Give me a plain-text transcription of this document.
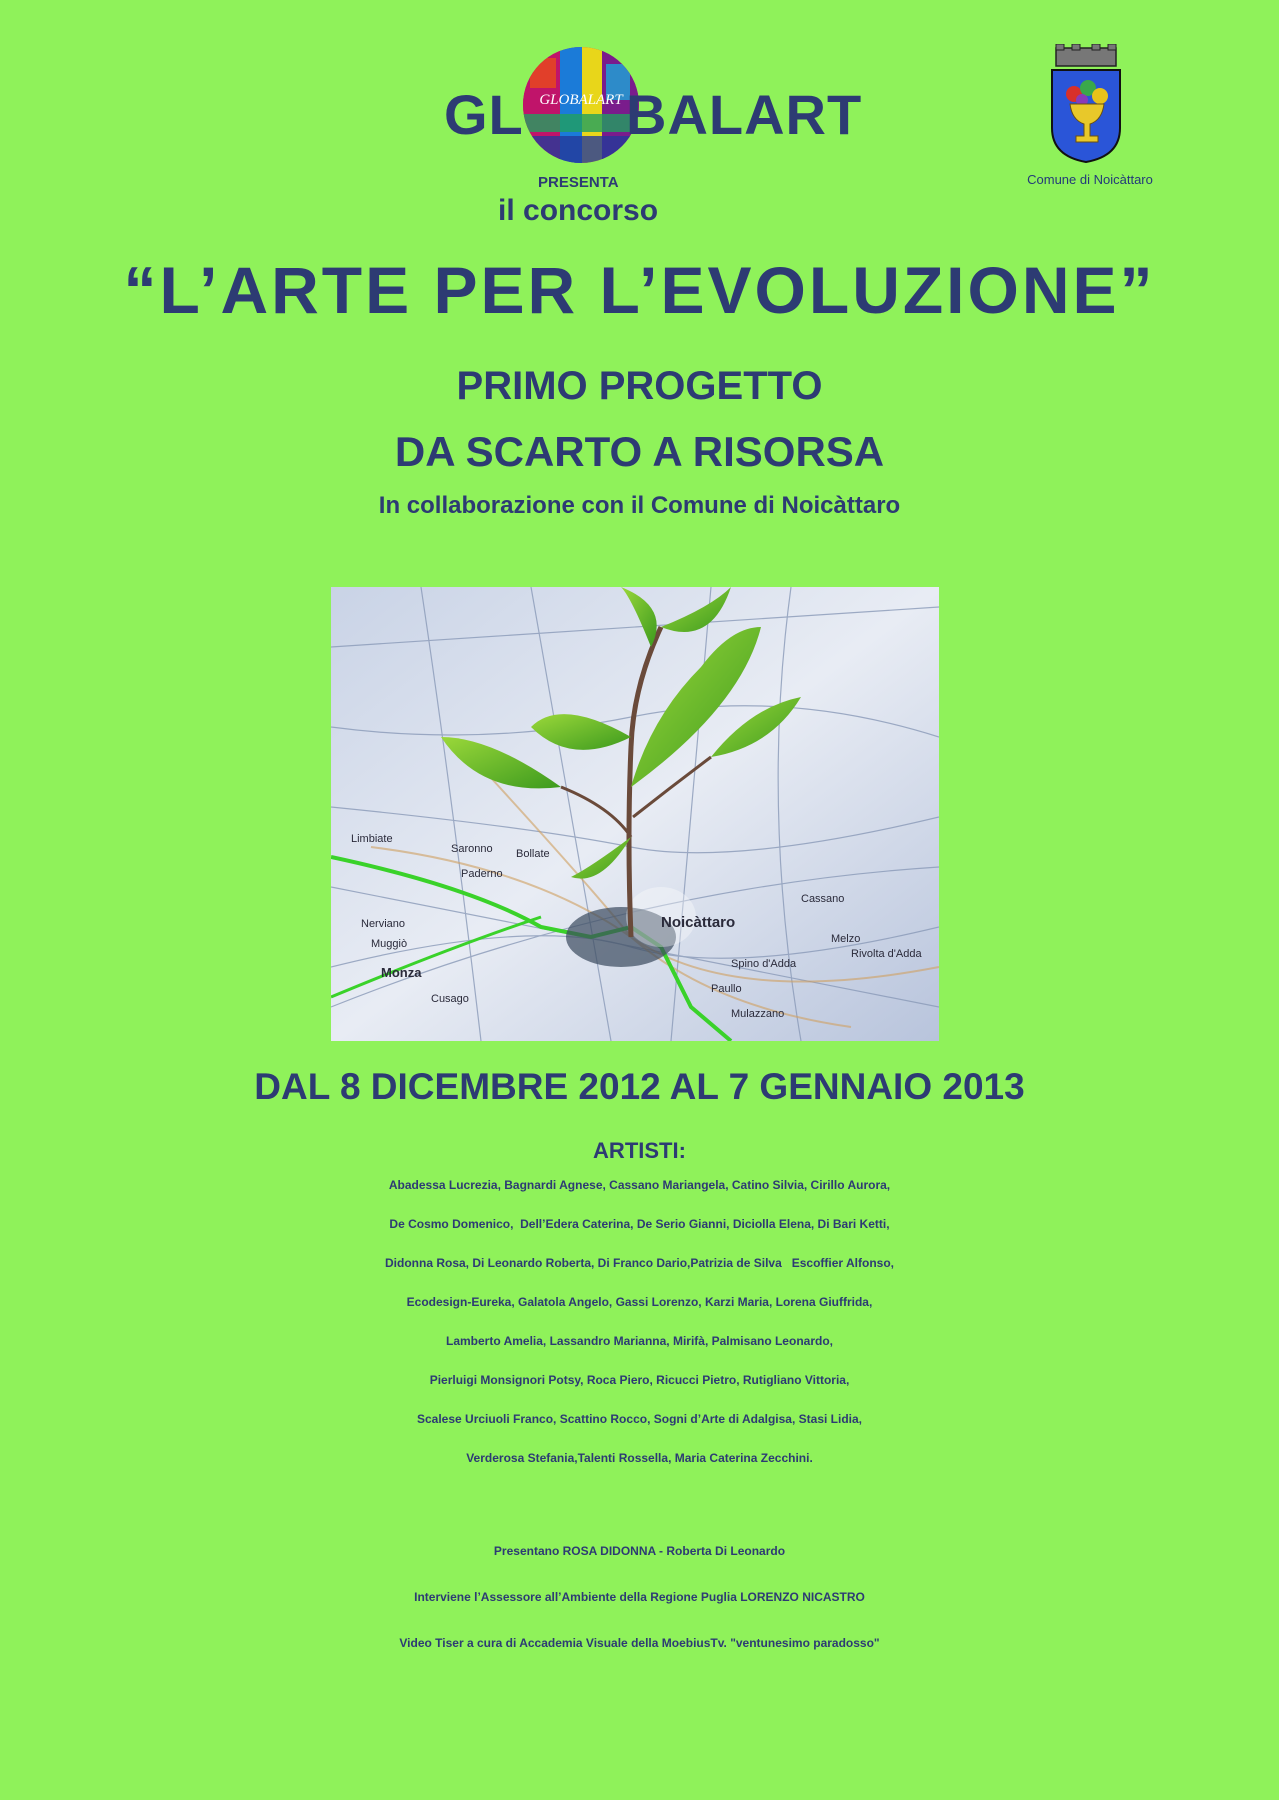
GL GLOBALART BALART
PRESENTA
il concorso
Comune di Noicàttaro
“L’ARTE PER L’EVOLUZIONE”
PRIMO PROGETTO
DA SCARTO A RISORSA
In collaborazione con il Comune di Noicàttaro
Noicàttaro
Saronno
Limbiate
Paderno
Bollate
Nerviano
Monza
Cassano
Melzo
Rivolta d'Adda
Spino d'Adda
Paullo
Mulazzano
Cusago
Muggiò
DAL 8 DICEMBRE 2012 AL 7 GENNAIO 2013
ARTISTI:
Abadessa Lucrezia, Bagnardi Agnese, Cassano Mariangela, Catino Silvia, Cirillo Aurora,
De Cosmo Domenico,  Dell’Edera Caterina, De Serio Gianni, Diciolla Elena, Di Bari Ketti,
Didonna Rosa, Di Leonardo Roberta, Di Franco Dario,Patrizia de Silva   Escoffier Alfonso,
Ecodesign-Eureka, Galatola Angelo, Gassi Lorenzo, Karzi Maria, Lorena Giuffrida,
Lamberto Amelia, Lassandro Marianna, Mirifà, Palmisano Leonardo,
Pierluigi Monsignori Potsy, Roca Piero, Ricucci Pietro, Rutigliano Vittoria,
Scalese Urciuoli Franco, Scattino Rocco, Sogni d’Arte di Adalgisa, Stasi Lidia,
Verderosa Stefania,Talenti Rossella, Maria Caterina Zecchini.
Presentano ROSA DIDONNA - Roberta Di Leonardo
Interviene l’Assessore all’Ambiente della Regione Puglia LORENZO NICASTRO
Video Tiser a cura di Accademia Visuale della MoebiusTv. "ventunesimo paradosso"
